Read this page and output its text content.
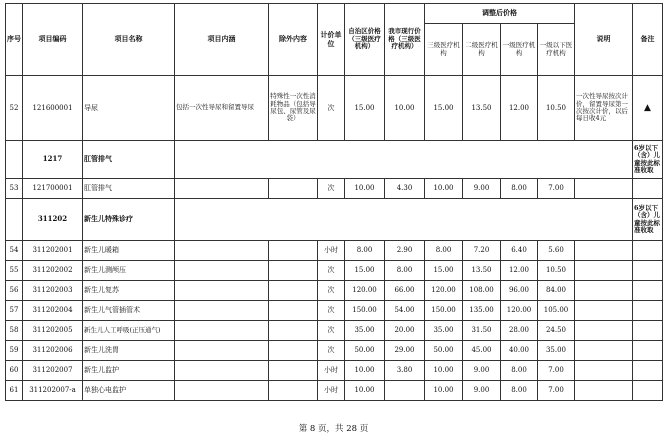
序号	项目编码	项目名称	项目内涵	除外内容	计价单位	自治区价格（三级医疗机构）	我市现行价格（三级医疗机构）	调整后价格				说明	备注
								三级医疗机构	二级医疗机构	一级医疗机构	一级以下医疗机构		
52	121600001	导尿	包括一次性导尿和留置导尿	特殊性一次性消耗物品（包括导尿包、尿管及尿袋）	次	15.00	10.00	15.00	13.50	12.00	10.50	一次性导尿按次计价，留置导尿第一次按次计价，以后每日收4元	▲
	1217	肛管排气											6岁以下（含）儿童按此标准收取
53	121700001	肛管排气			次	10.00	4.30	10.00	9.00	8.00	7.00		
	311202	新生儿特殊诊疗											6岁以下（含）儿童按此标准收取
54	311202001	新生儿暖箱			小时	8.00	2.90	8.00	7.20	6.40	5.60		
55	311202002	新生儿测颅压			次	15.00	8.00	15.00	13.50	12.00	10.50		
56	311202003	新生儿复苏			次	120.00	66.00	120.00	108.00	96.00	84.00		
57	311202004	新生儿气管插管术			次	150.00	54.00	150.00	135.00	120.00	105.00		
58	311202005	新生儿人工呼吸(正压通气)			次	35.00	20.00	35.00	31.50	28.00	24.50		
59	311202006	新生儿洗胃			次	50.00	29.00	50.00	45.00	40.00	35.00		
60	311202007	新生儿监护			小时	10.00	3.80	10.00	9.00	8.00	7.00		
61	311202007-a	单独心电监护			小时	10.00		10.00	9.00	8.00	7.00		
第 8 页，共 28 页
